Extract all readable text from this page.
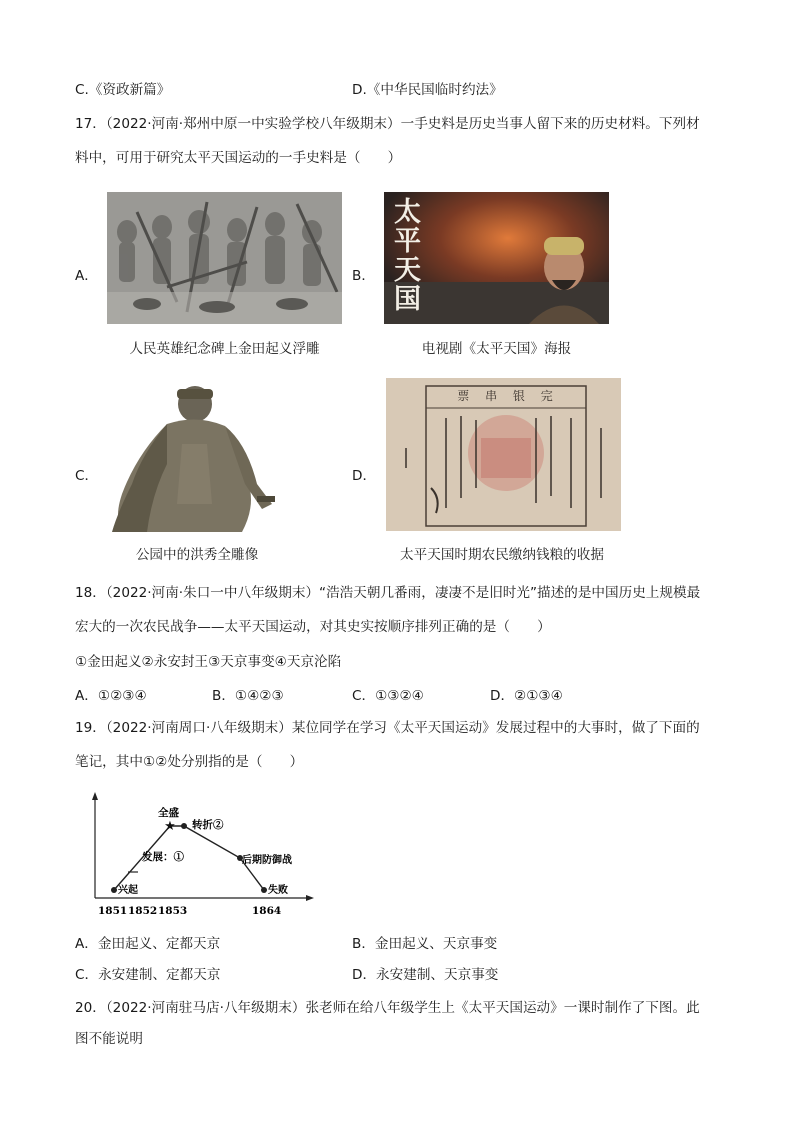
C.《资政新篇》	D.《中华民国临时约法》
17．（2022·河南·郑州中原一中实验学校八年级期末）一手史料是历史当事人留下来的历史材料。下列材
料中，可用于研究太平天国运动的一手史料是（　　）
A．
人民英雄纪念碑上金田起义浮雕
B．
太平天国
电视剧《太平天国》海报
C．
公园中的洪秀全雕像
D．
票 串 银 完
太平天国时期农民缴纳钱粮的收据
18．（2022·河南·朱口一中八年级期末）“浩浩天朝几番雨，凄凄不是旧时光”描述的是中国历史上规模最
宏大的一次农民战争——太平天国运动，对其史实按顺序排列正确的是（　　）
①金田起义②永安封王③天京事变④天京沦陷
A．①②③④	B．①④②③	C．①③②④	D．②①③④
19．（2022·河南周口·八年级期末）某位同学在学习《太平天国运动》发展过程中的大事时，做了下面的
笔记，其中①②处分别指的是（　　）
★
全盛
转折②
发展：①	后期防御战
兴起	失败
1851 1852 1853	1864
A．金田起义、定都天京	B．金田起义、天京事变
C．永安建制、定都天京	D．永安建制、天京事变
20．（2022·河南驻马店·八年级期末）张老师在给八年级学生上《太平天国运动》一课时制作了下图。此
图不能说明
